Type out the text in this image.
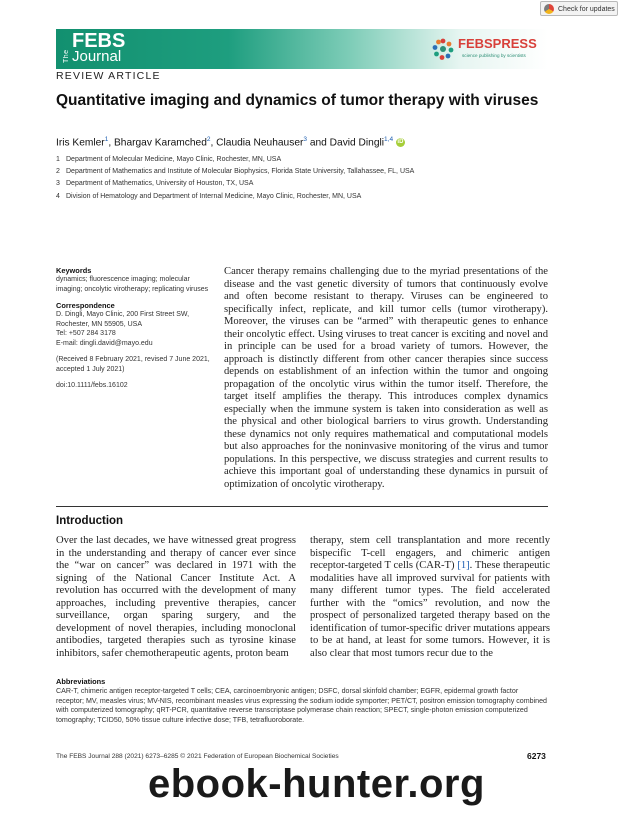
Check for updates
The
FEBS
Journal
FEBSPRESS
science publishing by scientists
REVIEW ARTICLE
Quantitative imaging and dynamics of tumor therapy with viruses
Iris Kemler$^1$, Bhargav Karamched$^2$, Claudia Neuhauser$^3$ and David Dingli$^{1,4}$ iD
1 Department of Molecular Medicine, Mayo Clinic, Rochester, MN, USA
2 Department of Mathematics and Institute of Molecular Biophysics, Florida State University, Tallahassee, FL, USA
3 Department of Mathematics, University of Houston, TX, USA
4 Division of Hematology and Department of Internal Medicine, Mayo Clinic, Rochester, MN, USA
Keywords

dynamics; fluorescence imaging; molecular imaging; oncolytic virotherapy; replicating viruses

Correspondence

D. Dingli, Mayo Clinic, 200 First Street SW,

Rochester, MN 55905, USA

Tel: +507 284 3178

E-mail: dingli.david@mayo.edu

(Received 8 February 2021, revised 7 June 2021, accepted 1 July 2021)

doi:10.1111/febs.16102

Cancer therapy remains challenging due to the myriad presentations of the disease and the vast genetic diversity of tumors that continuously evolve and often become resistant to therapy. Viruses can be engineered to specifically infect, replicate, and kill tumor cells (tumor virotherapy). Moreover, the viruses can be “armed” with therapeutic genes to enhance their oncolytic effect. Using viruses to treat cancer is exciting and novel and in principle can be used for a broad variety of tumors. However, the approach is distinctly different from other cancer therapies since success depends on establishment of an infection within the tumor and ongoing propagation of the oncolytic virus within the tumor itself. Therefore, the target itself amplifies the therapy. This introduces complex dynamics especially when the immune system is taken into consideration as well as the physical and other biological barriers to virus growth. Understanding these dynamics not only requires mathematical and computational models but also approaches for the noninvasive monitoring of the virus and tumor populations. In this perspective, we discuss strategies and current results to achieve this important goal of understanding these dynamics in pursuit of optimization of oncolytic virotherapy.

Introduction

Over the last decades, we have witnessed great progress in the understanding and therapy of cancer ever since the “war on cancer” was declared in 1971 with the signing of the National Cancer Institute Act. A revolution has occurred with the development of many approaches, including preventive therapies, cancer surveillance, organ sparing surgery, and the development of novel therapies, including monoclonal antibodies, targeted therapies such as tyrosine kinase inhibitors, safer chemotherapeutic agents, proton beam

therapy, stem cell transplantation and more recently bispecific T-cell engagers, and chimeric antigen receptor-targeted T cells (CAR-T) [1]. These therapeutic modalities have all improved survival for patients with many different tumor types. The field accelerated further with the “omics” revolution, and now the prospect of personalized targeted therapy based on the identification of tumor-specific driver mutations appears to be at hand, at least for some tumors. However, it is also clear that most tumors recur due to the

Abbreviations

CAR-T, chimeric antigen receptor-targeted T cells; CEA, carcinoembryonic antigen; DSFC, dorsal skinfold chamber; EGFR, epidermal growth factor receptor; MV, measles virus; MV-NIS, recombinant measles virus expressing the sodium iodide symporter; PET/CT, positron emission tomography combined with computerized tomography; qRT-PCR, quantitative reverse transcriptase polymerase chain reaction; SPECT, single-photon emission computerized tomography; TCID50, 50% tissue culture infective dose; TFB, tetrafluoroborate.

The FEBS Journal 288 (2021) 6273–6285 © 2021 Federation of European Biochemical Societies	6273
ebook-hunter.org
